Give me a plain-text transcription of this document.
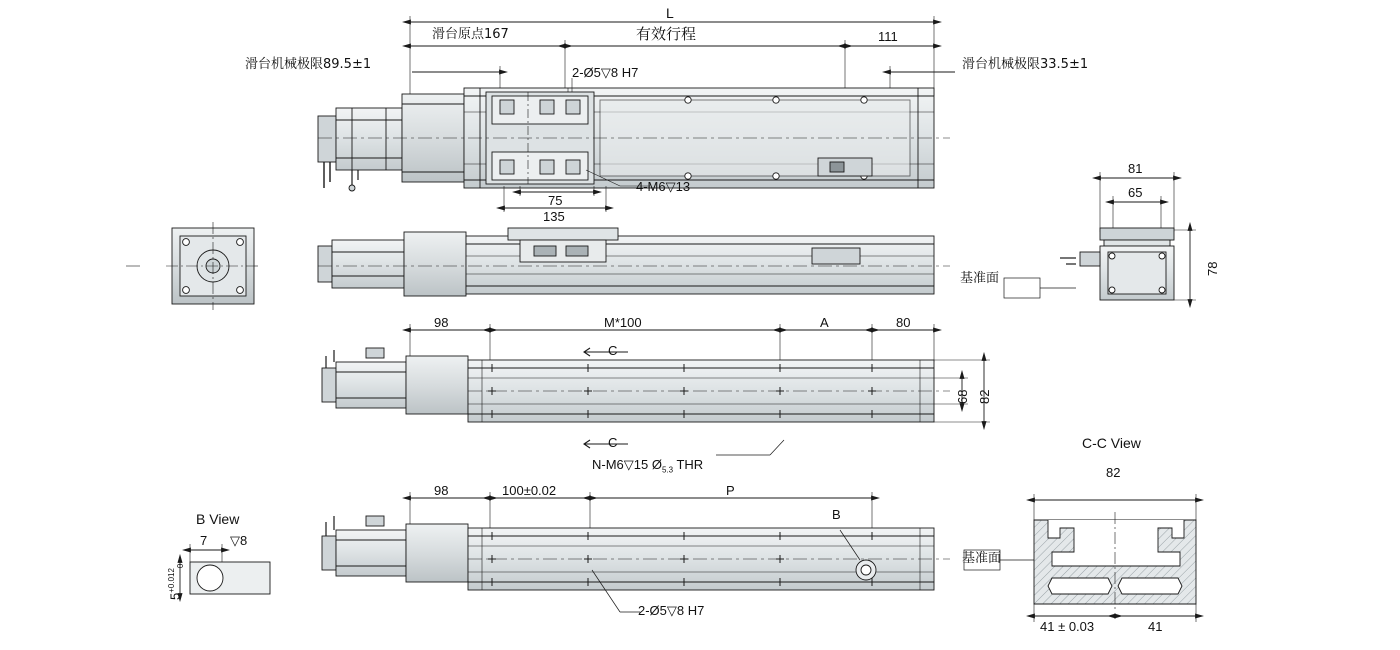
L
滑台原点167	有效行程	111
滑台机械极限89.5±1	滑台机械极限33.5±1
2-Ø5▽8 H7
4-M6▽13
75
135
81
65
78
基准面
98	M*100	A	80
C
C
68 82
N-M6▽15 $Ø_{5.3}$ THR
98	100±0.02	P
B
基准面
2-Ø5▽8 H7
B View
7 ▽8
$5^{+0.012}_0$
C-C View
82
41 ± 0.03	41
